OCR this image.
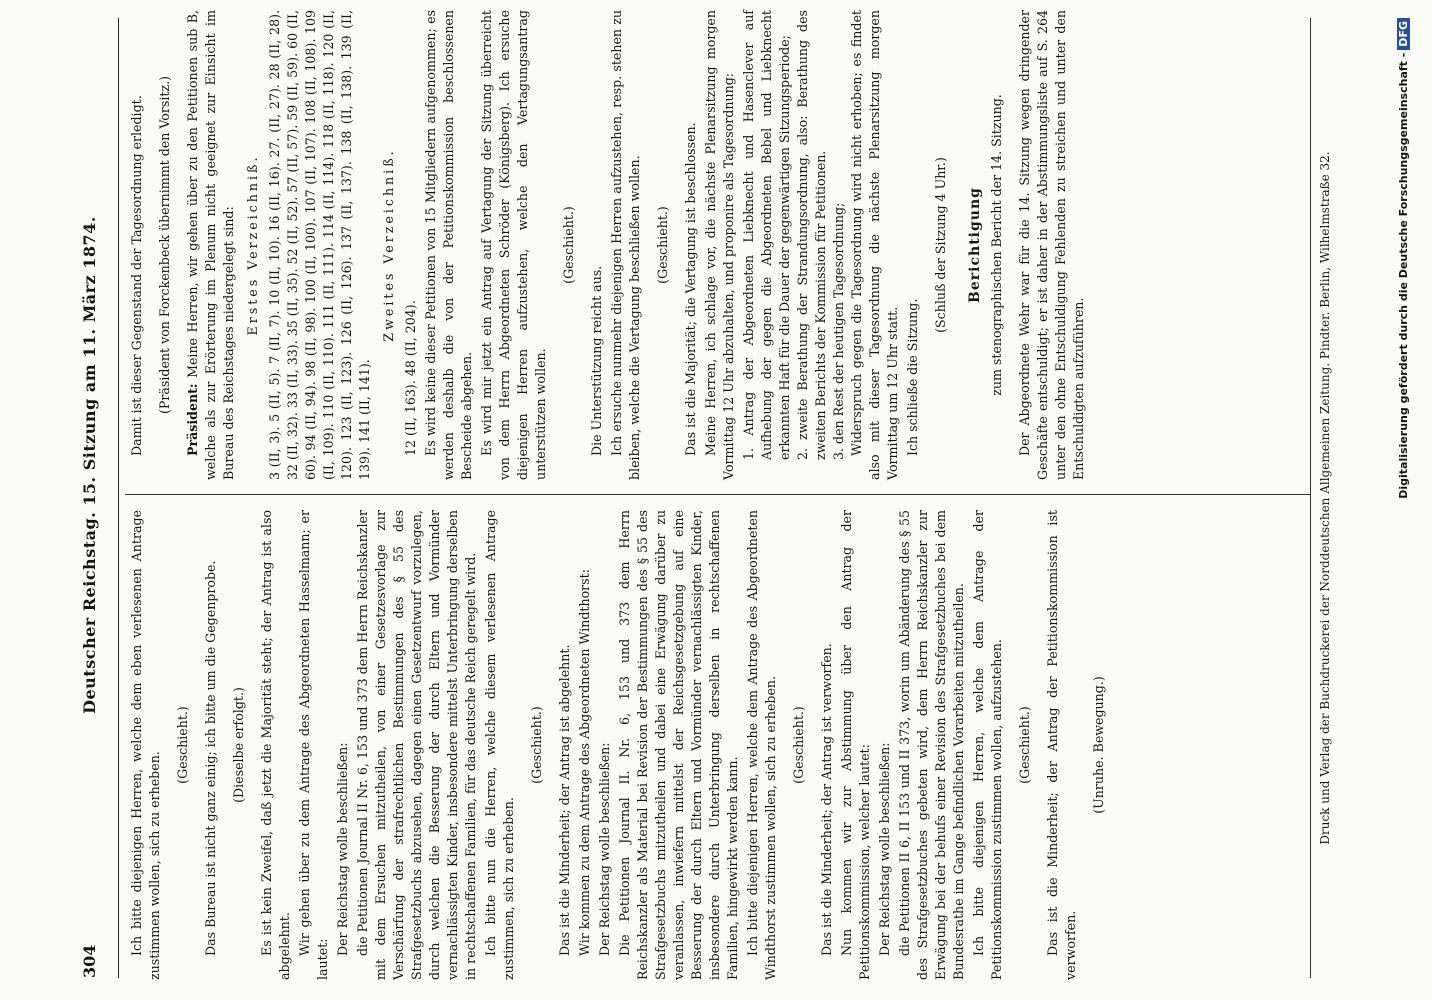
304
Deutscher Reichstag. 15. Sitzung am 11. März 1874.

Ich bitte diejenigen Herren, welche dem eben verlesenen Antrage zustimmen wollen, sich zu erheben.

(Geschieht.) Das Bureau ist nicht ganz einig; ich bitte um die Gegenprobe. (Dieselbe erfolgt.) Es ist kein Zweifel, daß jetzt die Majorität steht; der Antrag ist also abgelehnt. Wir gehen über zu dem Antrage des Abgeordneten Hasselmann; er lautet:

Der Reichstag wolle beschließen: die Petitionen Journal II Nr. 6, 153 und 373 dem Herrn Reichskanzler mit dem Ersuchen mitzutheilen, von einer Gesetzesvorlage zur Verschärfung der strafrechtlichen Bestimmungen des § 55 des Strafgesetzbuchs abzusehen, dagegen einen Gesetzentwurf vorzulegen, durch welchen die Besserung der durch Eltern und Vormünder vernachlässigten Kinder, insbesondere mittelst Unterbringung derselben in rechtschaffenen Familien, für das deutsche Reich geregelt wird. Ich bitte nun die Herren, welche diesem verlesenen Antrage zustimmen, sich zu erheben.

(Geschieht.) Das ist die Minderheit; der Antrag ist abgelehnt. Wir kommen zu dem Antrage des Abgeordneten Windthorst: Der Reichstag wolle beschließen: Die Petitionen Journal II. Nr. 6, 153 und 373 dem Herrn Reichskanzler als Material bei Revision der Bestimmungen des § 55 des Strafgesetzbuchs mitzutheilen und dabei eine Erwägung darüber zu veranlassen, inwiefern mittelst der Reichsgesetzgebung auf eine Besserung der durch Eltern und Vormünder vernachlässigten Kinder, insbesondere durch Unterbringung derselben in rechtschaffenen Familien, hingewirkt werden kann. Ich bitte diejenigen Herren, welche dem Antrage des Abgeordneten Windthorst zustimmen wollen, sich zu erheben. (Geschieht.) Das ist die Minderheit; der Antrag ist verworfen. Nun kommen wir zur Abstimmung über den Antrag der Petitionskommission, welcher lautet: Der Reichstag wolle beschließen: die Petitionen II 6, II 153 und II 373, worin um Abänderung des § 55 des Strafgesetzbuches gebeten wird, dem Herrn Reichskanzler zur Erwägung bei der behufs einer Revision des Strafgesetzbuches bei dem Bundesrathe im Gange befindlichen Vorarbeiten mitzutheilen. Ich bitte diejenigen Herren, welche dem Antrage der Petitionskommission zustimmen wollen, aufzustehen. (Geschieht.) Das ist die Minderheit; der Antrag der Petitionskommission ist verworfen.

(Unruhe. Bewegung.)

Damit ist dieser Gegenstand der Tagesordnung erledigt. (Präsident von Forckenbeck übernimmt den Vorsitz.)

Präsident: Meine Herren, wir gehen über zu den Petitionen sub B, welche als zur Erörterung im Plenum nicht geeignet zur Einsicht im Bureau des Reichstages niedergelegt sind: Erstes Verzeichniß. 3 (II, 3). 5 (II, 5). 7 (II, 7). 10 (II, 10). 16 (II, 16). 27. (II, 27). 28 (II, 28). 32 (II, 32). 33 (II, 33). 35 (II, 35). 52 (II, 52). 57 (II, 57). 59 (II, 59). 60 (II, 60). 94 (II, 94). 98 (II, 98). 100 (II, 100). 107 (II, 107). 108 (II, 108). 109 (II, 109). 110 (II, 110). 111 (II, 111). 114 (II, 114). 118 (II, 118). 120 (II, 120). 123 (II, 123). 126 (II, 126). 137 (II, 137). 138 (II, 138). 139 (II, 139). 141 (II, 141).

Zweites Verzeichniß.

12 (II, 163). 48 (II, 204). Es wird keine dieser Petitionen von 15 Mitgliedern aufgenommen; es werden deshalb die von der Petitionskommission beschlossenen Bescheide abgehen. Es wird mir jetzt ein Antrag auf Vertagung der Sitzung überreicht von dem Herrn Abgeordneten Schröder (Königsberg). Ich ersuche diejenigen Herren aufzustehen, welche den Vertagungsantrag unterstützen wollen.

(Geschieht.)

Die Unterstützung reicht aus. Ich ersuche nunmehr diejenigen Herren aufzustehen, resp. stehen zu bleiben, welche die Vertagung beschließen wollen. (Geschieht.) Das ist die Majorität; die Vertagung ist beschlossen. Meine Herren, ich schlage vor, die nächste Plenarsitzung morgen Vormittag 12 Uhr abzuhalten, und proponire als Tagesordnung: 1. Antrag der Abgeordneten Liebknecht und Hasenclever auf Aufhebung der gegen die Abgeordneten Bebel und Liebknecht erkannten Haft für die Dauer der gegenwärtigen Sitzungsperiode; 2. zweite Berathung der Strandungsordnung, also: Berathung des zweiten Berichts der Kommission für Petitionen. 3. den Rest der heutigen Tagesordnung; Widerspruch gegen die Tagesordnung wird nicht erhoben; es findet also mit dieser Tagesordnung die nächste Plenarsitzung morgen Vormittag um 12 Uhr statt. Ich schließe die Sitzung.

(Schluß der Sitzung 4 Uhr.) Berichtigung zum stenographischen Bericht der 14. Sitzung. Der Abgeordnete Wehr war für die 14. Sitzung wegen dringender Geschäfte entschuldigt; er ist daher in der Abstimmungsliste auf S. 264 unter den ohne Entschuldigung Fehlenden zu streichen und unter den Entschuldigten aufzuführen.	Druck und Verlag der Buchdruckerei der Norddeutschen Allgemeinen Zeitung. Pindter. Berlin, Wilhelmstraße 32.	Digitalisierung gefördert durch die Deutsche Forschungsgemeinschaft -DFG
